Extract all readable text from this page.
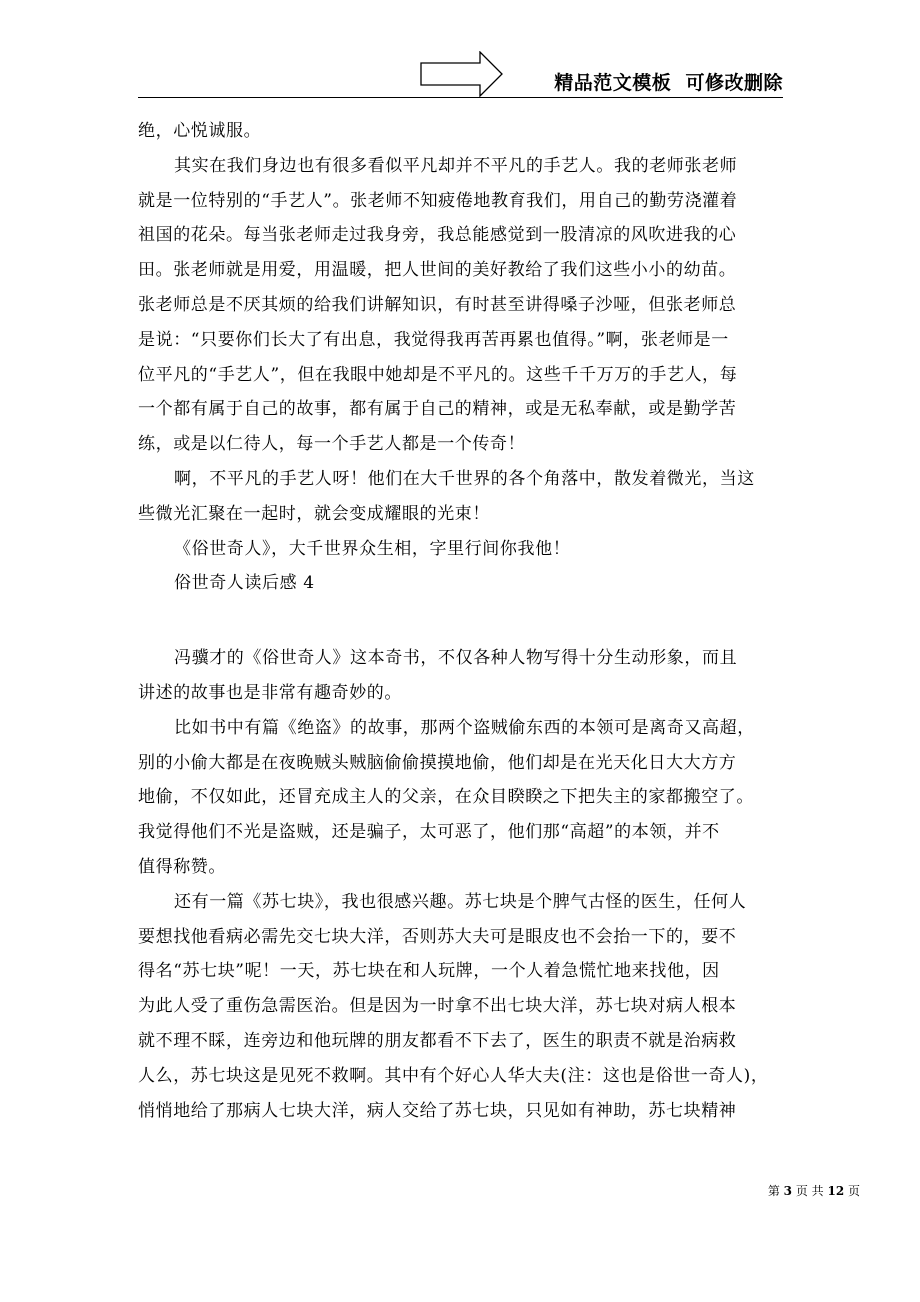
精品范文模板  可修改删除
绝，心悦诚服。
其实在我们身边也有很多看似平凡却并不平凡的手艺人。我的老师张老师
就是一位特别的“手艺人”。张老师不知疲倦地教育我们，用自己的勤劳浇灌着
祖国的花朵。每当张老师走过我身旁，我总能感觉到一股清凉的风吹进我的心
田。张老师就是用爱，用温暖，把人世间的美好教给了我们这些小小的幼苗。
张老师总是不厌其烦的给我们讲解知识，有时甚至讲得嗓子沙哑，但张老师总
是说：“只要你们长大了有出息，我觉得我再苦再累也值得。”啊，张老师是一
位平凡的“手艺人”，但在我眼中她却是不平凡的。这些千千万万的手艺人，每
一个都有属于自己的故事，都有属于自己的精神，或是无私奉献，或是勤学苦
练，或是以仁待人，每一个手艺人都是一个传奇！
啊，不平凡的手艺人呀！他们在大千世界的各个角落中，散发着微光，当这
些微光汇聚在一起时，就会变成耀眼的光束！
《俗世奇人》，大千世界众生相，字里行间你我他！
俗世奇人读后感 4
冯骥才的《俗世奇人》这本奇书，不仅各种人物写得十分生动形象，而且
讲述的故事也是非常有趣奇妙的。
比如书中有篇《绝盗》的故事，那两个盗贼偷东西的本领可是离奇又高超，
别的小偷大都是在夜晚贼头贼脑偷偷摸摸地偷，他们却是在光天化日大大方方
地偷，不仅如此，还冒充成主人的父亲，在众目睽睽之下把失主的家都搬空了。
我觉得他们不光是盗贼，还是骗子，太可恶了，他们那“高超”的本领，并不
值得称赞。
还有一篇《苏七块》，我也很感兴趣。苏七块是个脾气古怪的医生，任何人
要想找他看病必需先交七块大洋，否则苏大夫可是眼皮也不会抬一下的，要不
得名“苏七块”呢！一天，苏七块在和人玩牌，一个人着急慌忙地来找他，因
为此人受了重伤急需医治。但是因为一时拿不出七块大洋，苏七块对病人根本
就不理不睬，连旁边和他玩牌的朋友都看不下去了，医生的职责不就是治病救
人么，苏七块这是见死不救啊。其中有个好心人华大夫(注：这也是俗世一奇人)，
悄悄地给了那病人七块大洋，病人交给了苏七块，只见如有神助，苏七块精神
第 3 页 共 12 页
